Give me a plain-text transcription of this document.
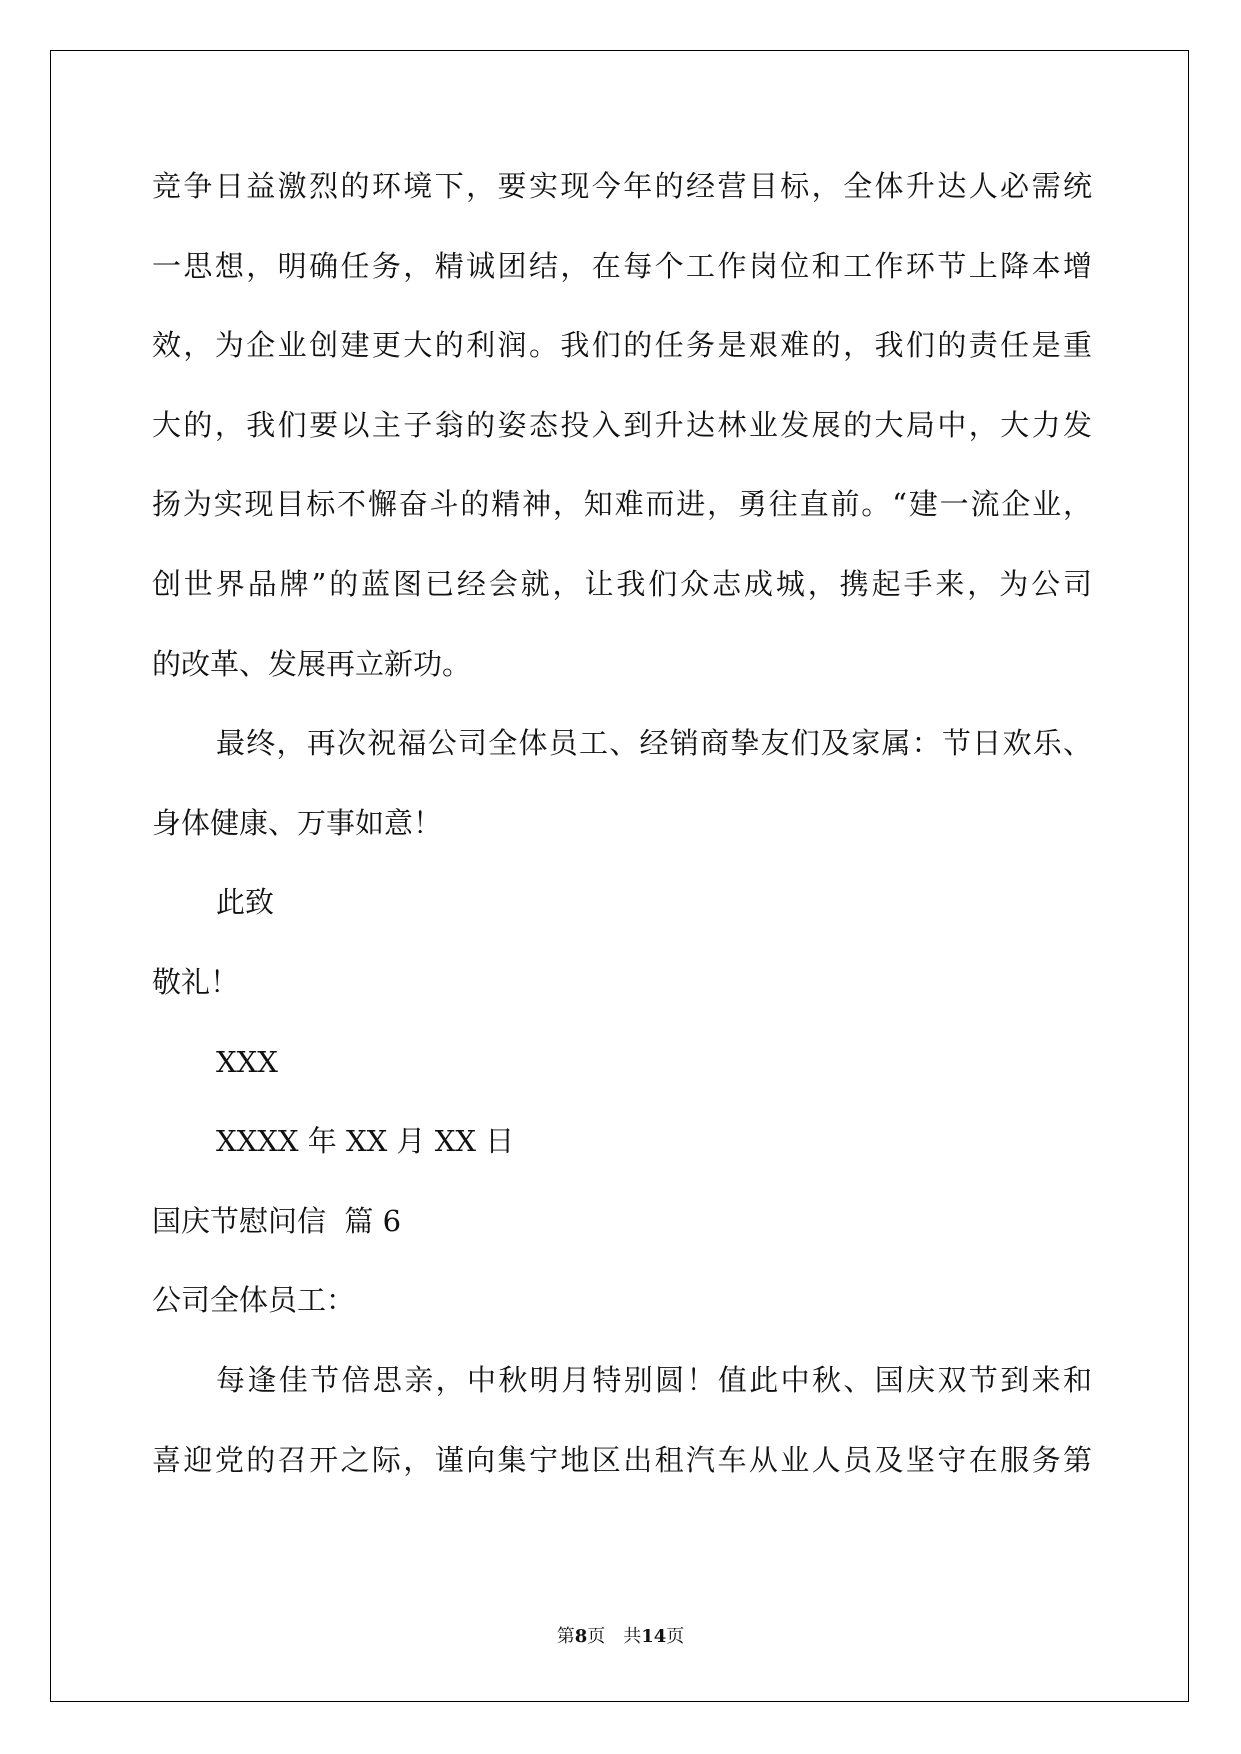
竞争日益激烈的环境下，要实现今年的经营目标，全体升达人必需统
一思想，明确任务，精诚团结，在每个工作岗位和工作环节上降本增
效，为企业创建更大的利润。我们的任务是艰难的，我们的责任是重
大的，我们要以主子翁的姿态投入到升达林业发展的大局中，大力发
扬为实现目标不懈奋斗的精神，知难而进，勇往直前。“建一流企业，
创世界品牌”的蓝图已经会就，让我们众志成城，携起手来，为公司
的改革、发展再立新功。
最终，再次祝福公司全体员工、经销商挚友们及家属：节日欢乐、
身体健康、万事如意！
此致
敬礼！
XXX
XXXX 年 XX 月 XX 日
国庆节慰问信  篇 6
公司全体员工：
每逢佳节倍思亲，中秋明月特别圆！值此中秋、国庆双节到来和
喜迎党的召开之际，谨向集宁地区出租汽车从业人员及坚守在服务第
第8页　共14页
